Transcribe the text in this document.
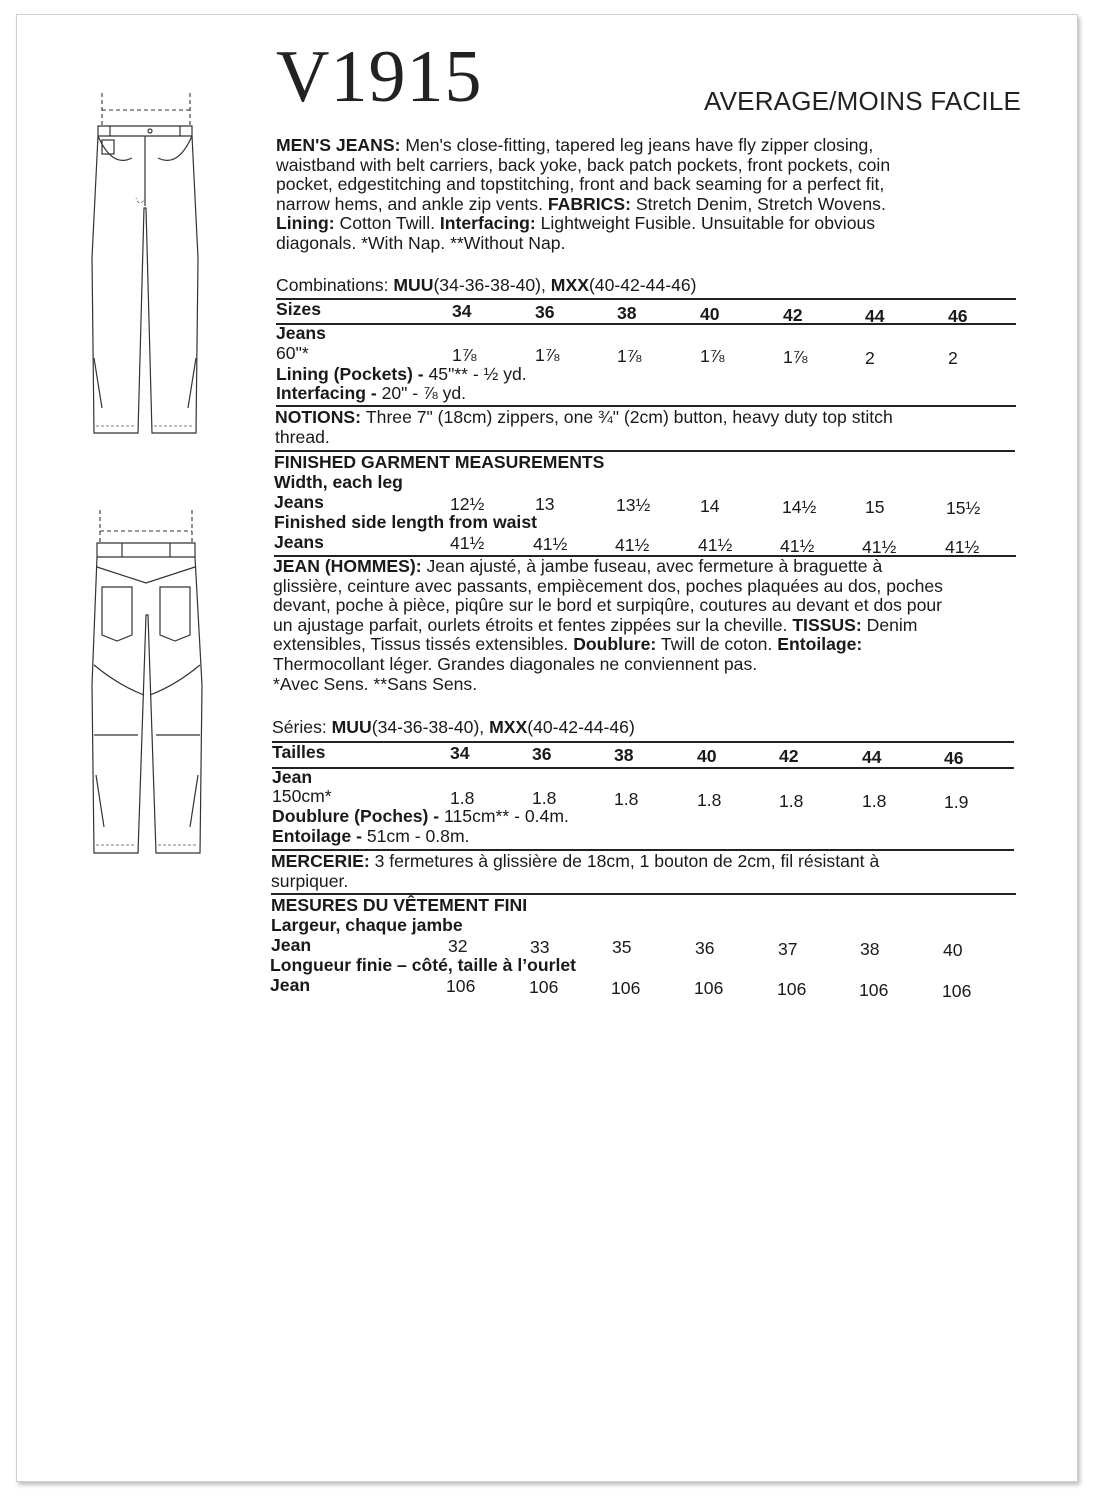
V1915	AVERAGE/MOINS FACILE

MEN'S JEANS: Men's close-fitting, tapered leg jeans have fly zipper closing,

waistband with belt carriers, back yoke, back patch pockets, front pockets, coin

pocket, edgestitching and topstitching, front and back seaming for a perfect fit,

narrow hems, and ankle zip vents. FABRICS: Stretch Denim, Stretch Wovens.

Lining: Cotton Twill. Interfacing: Lightweight Fusible. Unsuitable for obvious

diagonals. *With Nap. **Without Nap.

Combinations: MUU(34-36-38-40), MXX(40-42-44-46)
Sizes	34	36	38	40	42	44	46
Jeans
60"*	1⅞	1⅞	1⅞	1⅞	1⅞	2	2
Lining (Pockets) - 45"** - ½ yd.
Interfacing - 20" - ⅞ yd.

NOTIONS: Three 7" (18cm) zippers, one ¾" (2cm) button, heavy duty top stitch

thread.

FINISHED GARMENT MEASUREMENTS
Width, each leg
Jeans	12½	13	13½	14	14½	15	15½
Finished side length from waist
Jeans	41½	41½	41½	41½	41½	41½	41½

JEAN (HOMMES): Jean ajusté, à jambe fuseau, avec fermeture à braguette à

glissière, ceinture avec passants, empiècement dos, poches plaquées au dos, poches

devant, poche à pièce, piqûre sur le bord et surpiqûre, coutures au devant et dos pour

un ajustage parfait, ourlets étroits et fentes zippées sur la cheville. TISSUS: Denim

extensibles, Tissus tissés extensibles. Doublure: Twill de coton. Entoilage:

Thermocollant léger. Grandes diagonales ne conviennent pas.

*Avec Sens. **Sans Sens.

Séries: MUU(34-36-38-40), MXX(40-42-44-46)
Tailles	34	36	38	40	42	44	46
Jean
150cm*	1.8	1.8	1.8	1.8	1.8	1.8	1.9
Doublure (Poches) - 115cm** - 0.4m.
Entoilage - 51cm - 0.8m.

MERCERIE: 3 fermetures à glissière de 18cm, 1 bouton de 2cm, fil résistant à

surpiquer.

MESURES DU VÊTEMENT FINI
Largeur, chaque jambe
Jean	32	33	35	36	37	38	40
Longueur finie – côté, taille à l’ourlet
Jean	106	106	106	106	106	106	106
